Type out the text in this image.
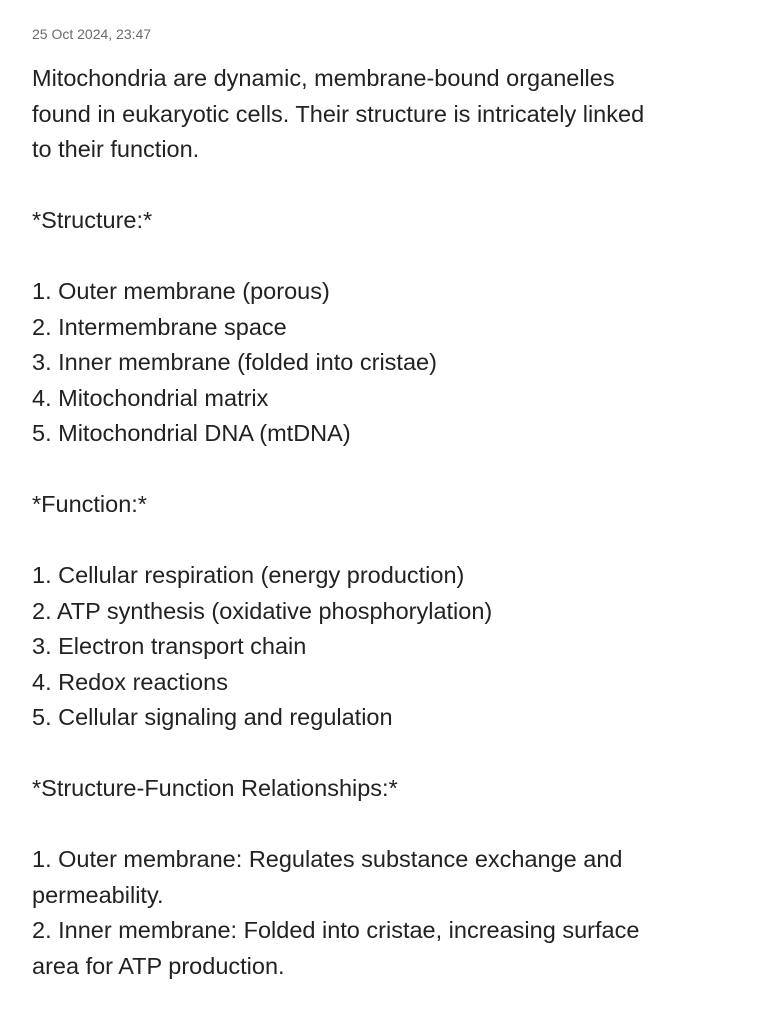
25 Oct 2024, 23:47
Mitochondria are dynamic, membrane-bound organelles
found in eukaryotic cells. Their structure is intricately linked
to their function.
*Structure:*
1. Outer membrane (porous)
2. Intermembrane space
3. Inner membrane (folded into cristae)
4. Mitochondrial matrix
5. Mitochondrial DNA (mtDNA)
*Function:*
1. Cellular respiration (energy production)
2. ATP synthesis (oxidative phosphorylation)
3. Electron transport chain
4. Redox reactions
5. Cellular signaling and regulation
*Structure-Function Relationships:*
1. Outer membrane: Regulates substance exchange and
permeability.
2. Inner membrane: Folded into cristae, increasing surface
area for ATP production.
